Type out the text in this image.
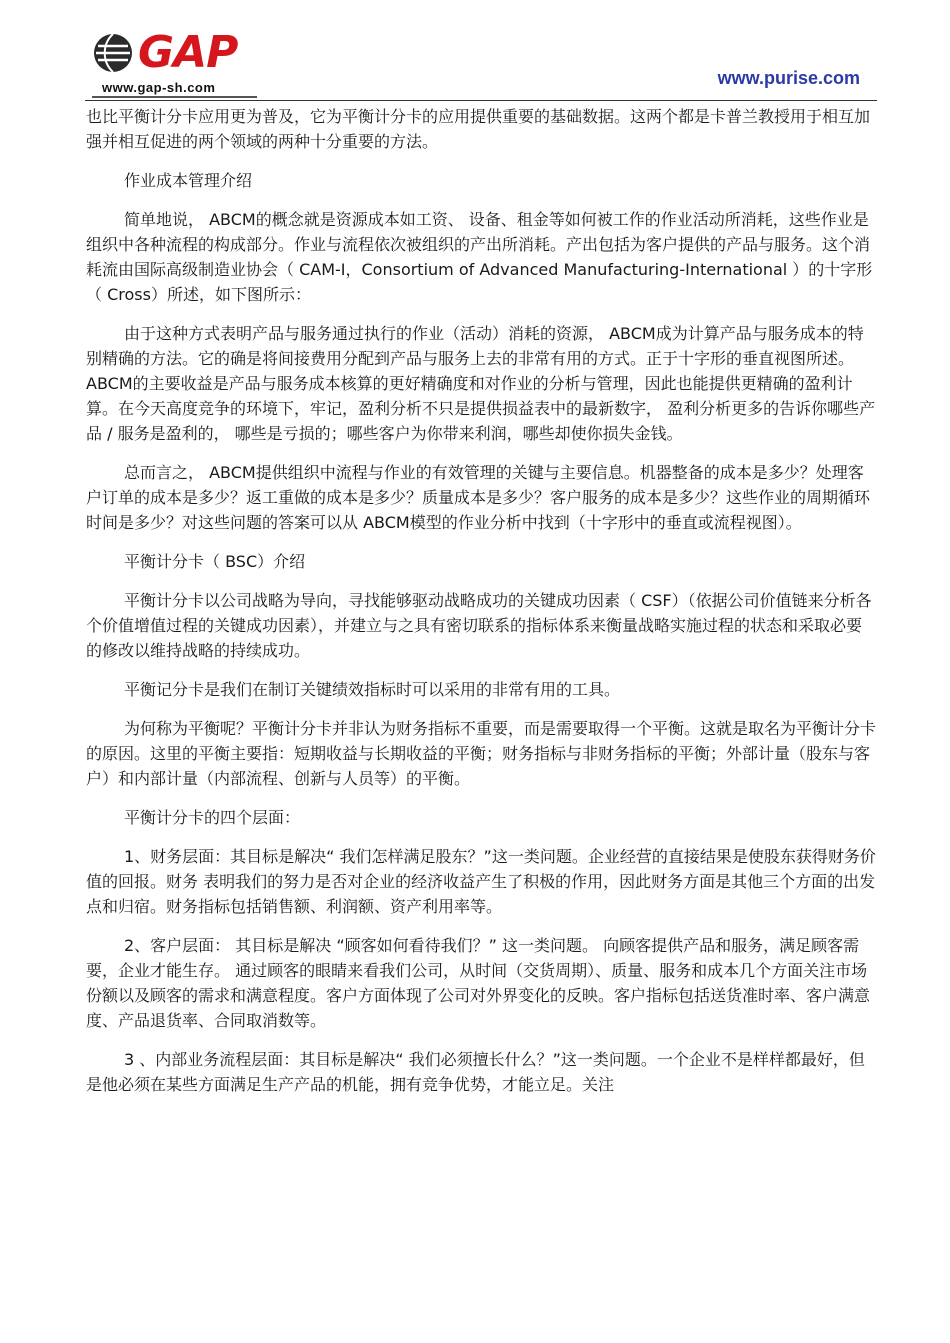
GAP
www.gap-sh.com	www.purise.com

也比平衡计分卡应用更为普及，它为平衡计分卡的应用提供重要的基础数据。这两个都是卡普兰教授用于相互加强并相互促进的两个领域的两种十分重要的方法。

作业成本管理介绍

简单地说， ABCM的概念就是资源成本如工资、 设备、租金等如何被工作的作业活动所消耗，这些作业是组织中各种流程的构成部分。作业与流程依次被组织的产出所消耗。产出包括为客户提供的产品与服务。这个消耗流由国际高级制造业协会（ CAM-I，Consortium of Advanced Manufacturing-International ）的十字形（ Cross）所述，如下图所示：

由于这种方式表明产品与服务通过执行的作业（活动）消耗的资源， ABCM成为计算产品与服务成本的特别精确的方法。它的确是将间接费用分配到产品与服务上去的非常有用的方式。正于十字形的垂直视图所述。 ABCM的主要收益是产品与服务成本核算的更好精确度和对作业的分析与管理，因此也能提供更精确的盈利计算。在今天高度竞争的环境下，牢记，盈利分析不只是提供损益表中的最新数字， 盈利分析更多的告诉你哪些产品 / 服务是盈利的， 哪些是亏损的；哪些客户为你带来利润，哪些却使你损失金钱。

总而言之， ABCM提供组织中流程与作业的有效管理的关键与主要信息。机器整备的成本是多少？处理客户订单的成本是多少？返工重做的成本是多少？质量成本是多少？客户服务的成本是多少？这些作业的周期循环时间是多少？对这些问题的答案可以从 ABCM模型的作业分析中找到（十字形中的垂直或流程视图）。

平衡计分卡（ BSC）介绍

平衡计分卡以公司战略为导向，寻找能够驱动战略成功的关键成功因素（ CSF）（依据公司价值链来分析各个价值增值过程的关键成功因素），并建立与之具有密切联系的指标体系来衡量战略实施过程的状态和采取必要的修改以维持战略的持续成功。

平衡记分卡是我们在制订关键绩效指标时可以采用的非常有用的工具。

为何称为平衡呢？平衡计分卡并非认为财务指标不重要，而是需要取得一个平衡。这就是取名为平衡计分卡的原因。这里的平衡主要指：短期收益与长期收益的平衡；财务指标与非财务指标的平衡；外部计量（股东与客户）和内部计量（内部流程、创新与人员等）的平衡。

平衡计分卡的四个层面：

1、财务层面：其目标是解决“ 我们怎样满足股东？”这一类问题。企业经营的直接结果是使股东获得财务价值的回报。财务 表明我们的努力是否对企业的经济收益产生了积极的作用，因此财务方面是其他三个方面的出发点和归宿。财务指标包括销售额、利润额、资产利用率等。

2、客户层面： 其目标是解决 “顾客如何看待我们？” 这一类问题。 向顾客提供产品和服务，满足顾客需要，企业才能生存。 通过顾客的眼睛来看我们公司，从时间（交货周期）、质量、服务和成本几个方面关注市场份额以及顾客的需求和满意程度。客户方面体现了公司对外界变化的反映。客户指标包括送货准时率、客户满意度、产品退货率、合同取消数等。

3 、内部业务流程层面：其目标是解决“ 我们必须擅长什么？”这一类问题。一个企业不是样样都最好，但是他必须在某些方面满足生产产品的机能，拥有竞争优势，才能立足。关注
